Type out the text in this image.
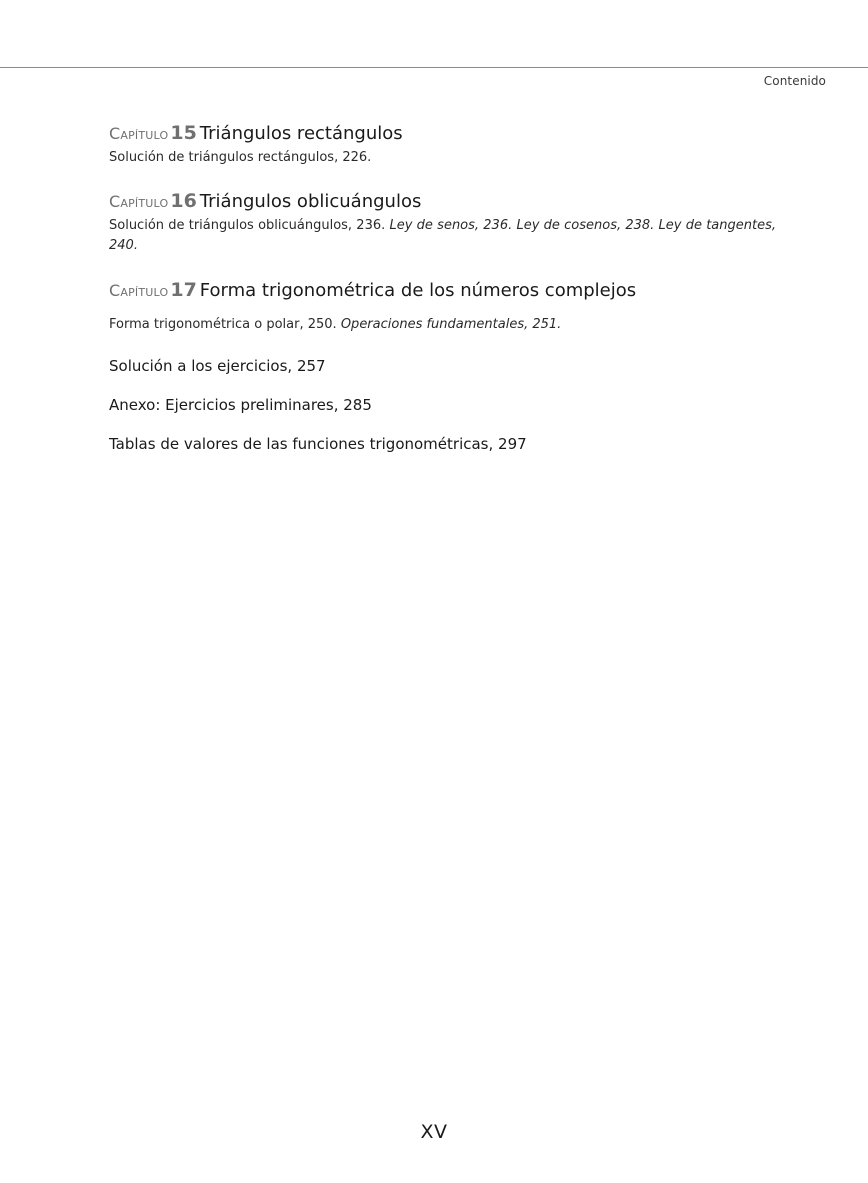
Contenido
Capítulo 15 Triángulos rectángulos

Solución de triángulos rectángulos, 226.

Capítulo 16 Triángulos oblicuángulos

Solución de triángulos oblicuángulos, 236. Ley de senos, 236. Ley de cosenos, 238. Ley de tangentes, 240.

Capítulo 17 Forma trigonométrica de los números complejos

Forma trigonométrica o polar, 250. Operaciones fundamentales, 251.

Solución a los ejercicios, 257
Anexo: Ejercicios preliminares, 285
Tablas de valores de las funciones trigonométricas, 297
XV
